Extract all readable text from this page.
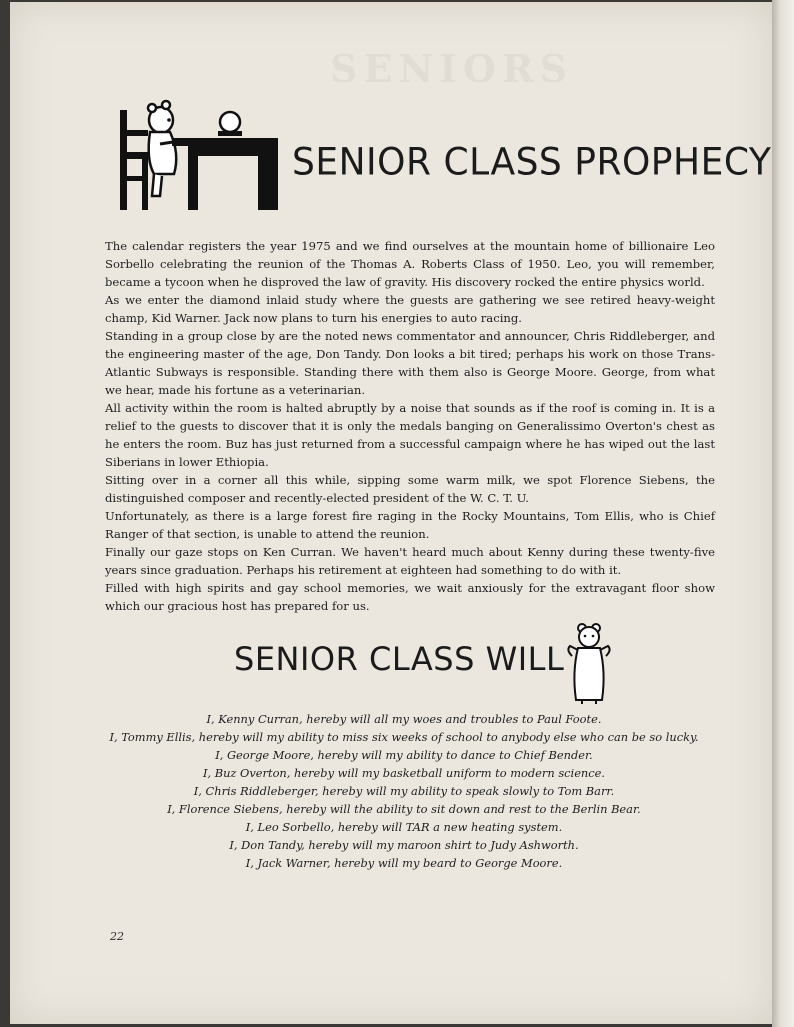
SENIORS
SENIOR CLASS PROPHECY

The calendar registers the year 1975 and we find ourselves at the mountain home of billionaire Leo Sorbello celebrating the reunion of the Thomas A. Roberts Class of 1950. Leo, you will remember, became a tycoon when he disproved the law of gravity. His discovery rocked the entire physics world.

As we enter the diamond inlaid study where the guests are gathering we see retired heavy-weight champ, Kid Warner. Jack now plans to turn his energies to auto racing.

Standing in a group close by are the noted news commentator and announcer, Chris Riddleberger, and the engineering master of the age, Don Tandy. Don looks a bit tired; perhaps his work on those Trans-Atlantic Subways is responsible. Standing there with them also is George Moore. George, from what we hear, made his fortune as a veterinarian.

All activity within the room is halted abruptly by a noise that sounds as if the roof is coming in. It is a relief to the guests to discover that it is only the medals banging on Generalissimo Overton's chest as he enters the room. Buz has just returned from a successful campaign where he has wiped out the last Siberians in lower Ethiopia.

Sitting over in a corner all this while, sipping some warm milk, we spot Florence Siebens, the distinguished composer and recently-elected president of the W. C. T. U.

Unfortunately, as there is a large forest fire raging in the Rocky Mountains, Tom Ellis, who is Chief Ranger of that section, is unable to attend the reunion.

Finally our gaze stops on Ken Curran. We haven't heard much about Kenny during these twenty-five years since graduation. Perhaps his retirement at eighteen had something to do with it.

Filled with high spirits and gay school memories, we wait anxiously for the extravagant floor show which our gracious host has prepared for us.

SENIOR CLASS WILL
I, Kenny Curran, hereby will all my woes and troubles to Paul Foote.
I, Tommy Ellis, hereby will my ability to miss six weeks of school to anybody else who can be so lucky.
I, George Moore, hereby will my ability to dance to Chief Bender.
I, Buz Overton, hereby will my basketball uniform to modern science.
I, Chris Riddleberger, hereby will my ability to speak slowly to Tom Barr.
I, Florence Siebens, hereby will the ability to sit down and rest to the Berlin Bear.
I, Leo Sorbello, hereby will TAR a new heating system.
I, Don Tandy, hereby will my maroon shirt to Judy Ashworth.
I, Jack Warner, hereby will my beard to George Moore.
22
